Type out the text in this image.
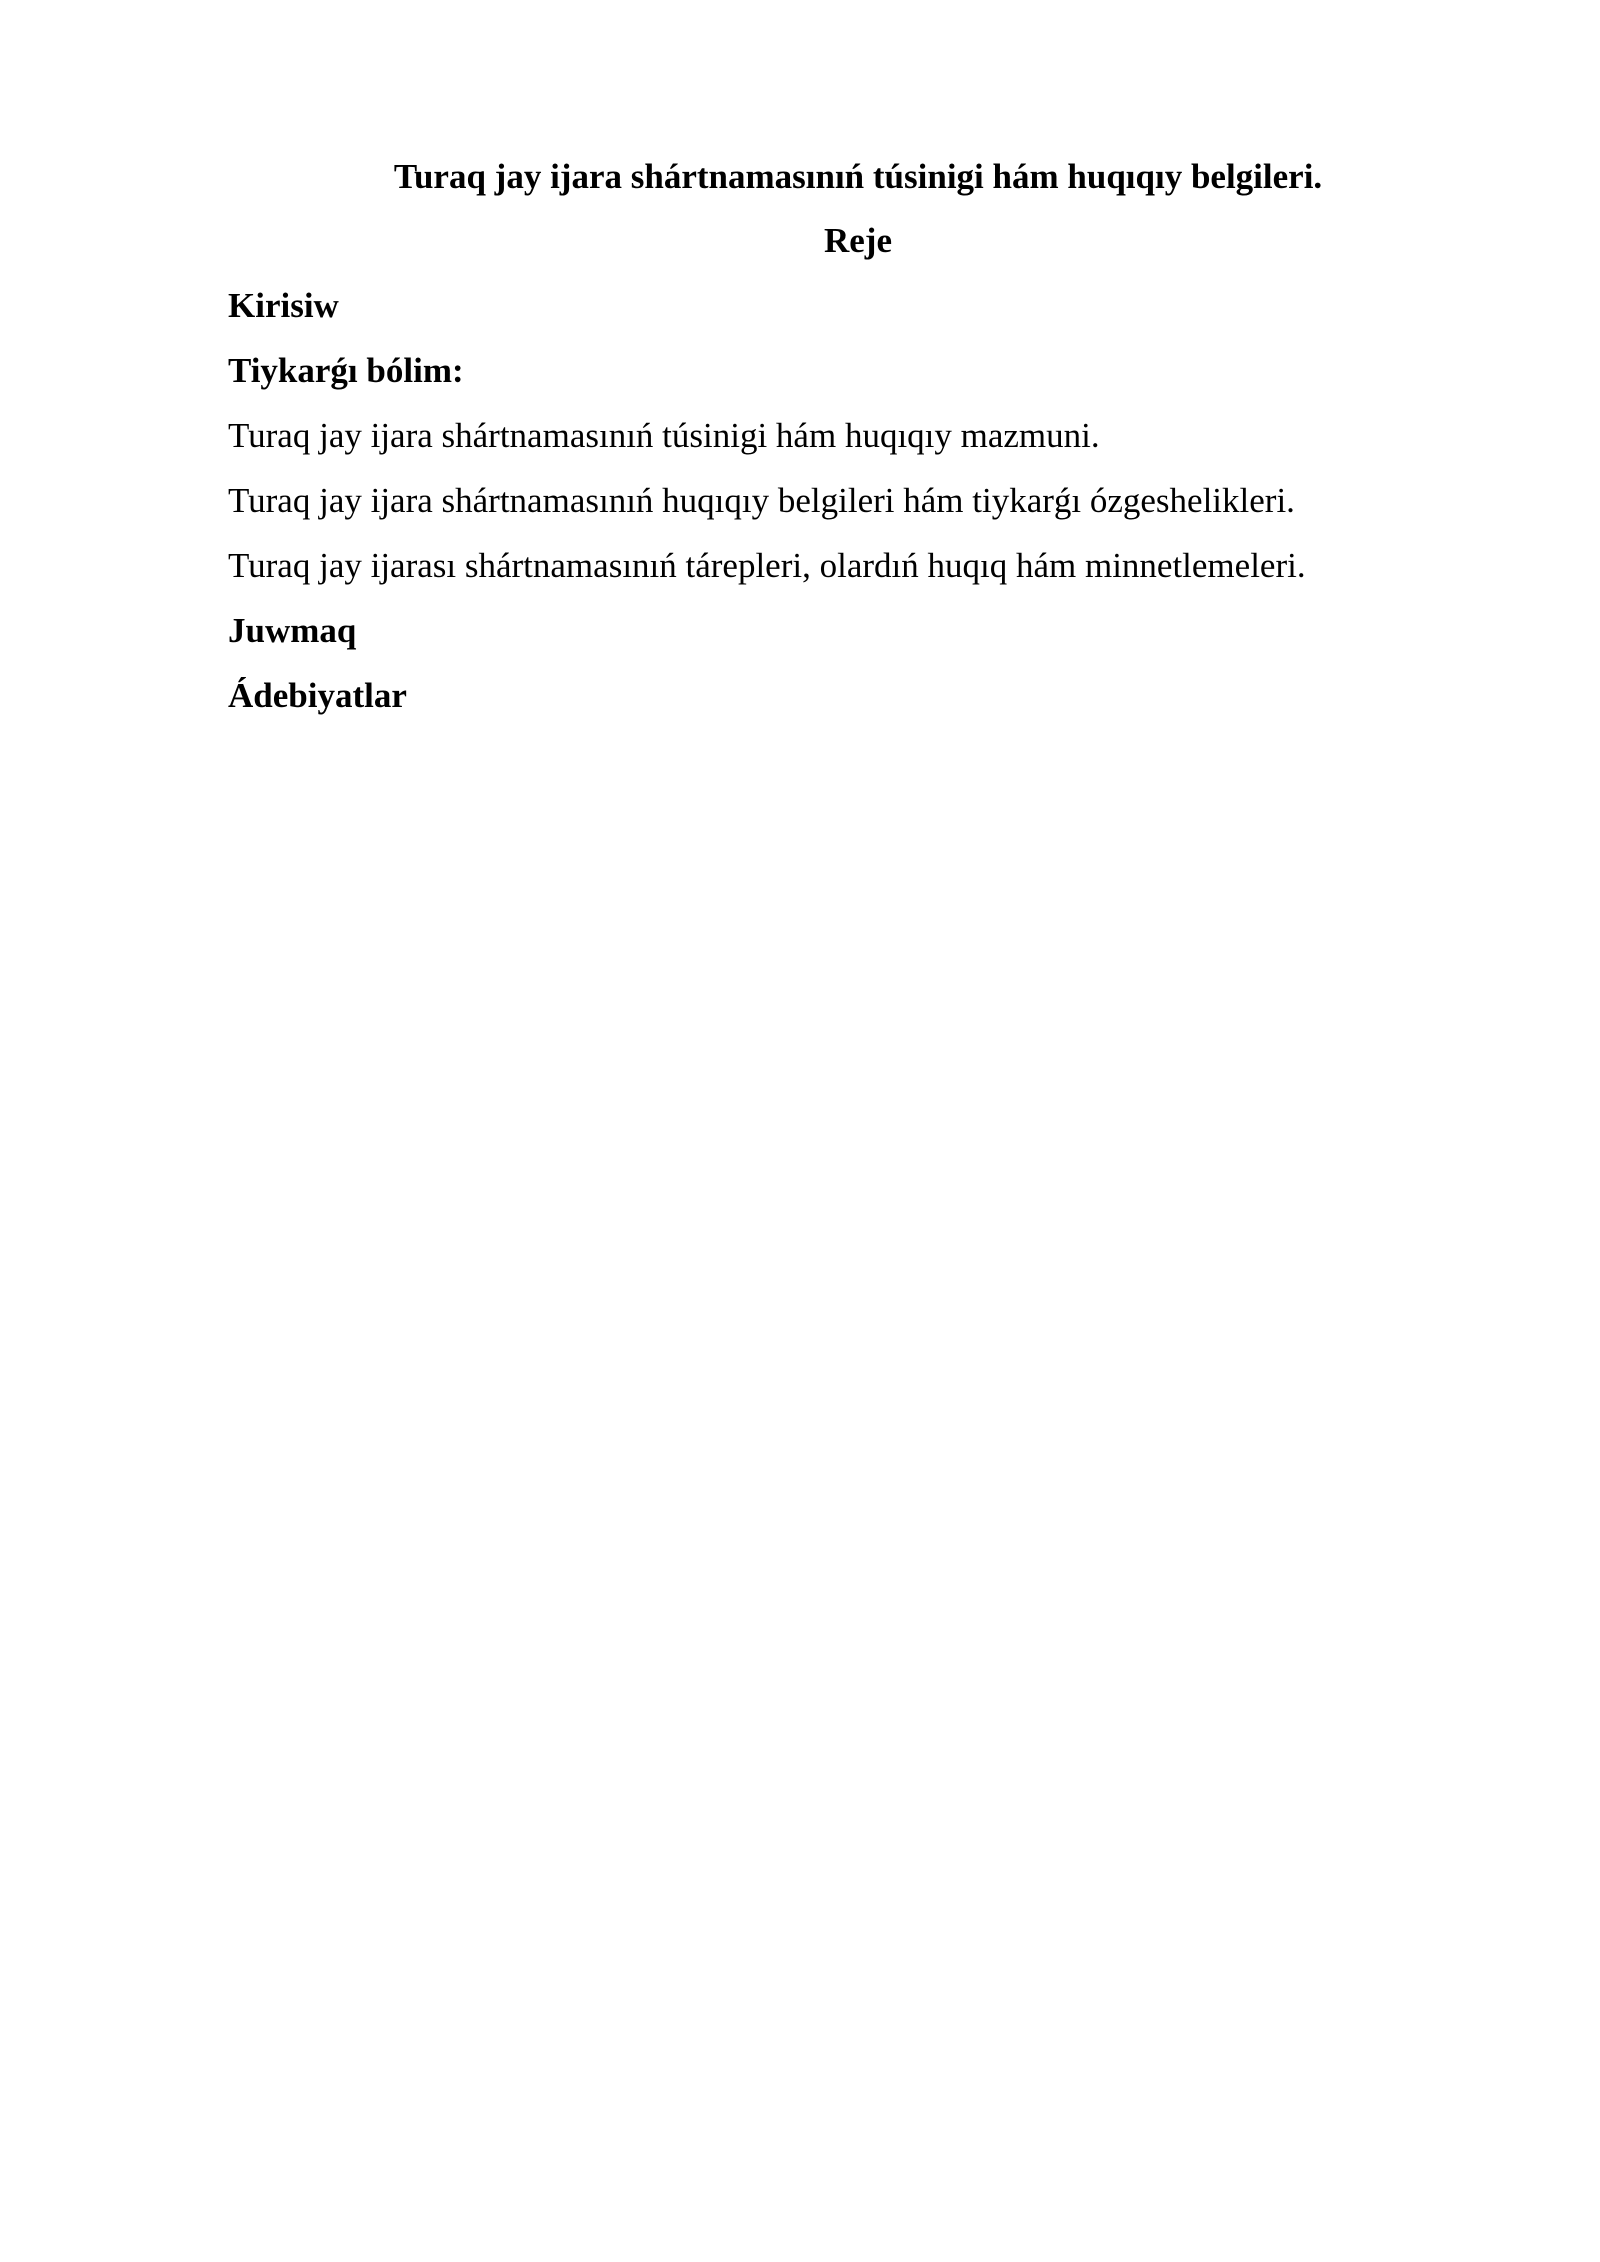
Turaq jay ijara shártnamasınıń túsinigi hám huqıqıy belgileri.
Reje
Kirisiw
Tiykarǵı bólim:
Turaq jay ijara shártnamasınıń túsinigi hám huqıqıy mazmuni.
Turaq jay ijara shártnamasınıń huqıqıy belgileri hám tiykarǵı ózgeshelikleri.
Turaq jay ijarası shártnamasınıń tárepleri, olardıń huqıq hám minnetlemeleri.
Juwmaq
Ádebiyatlar
